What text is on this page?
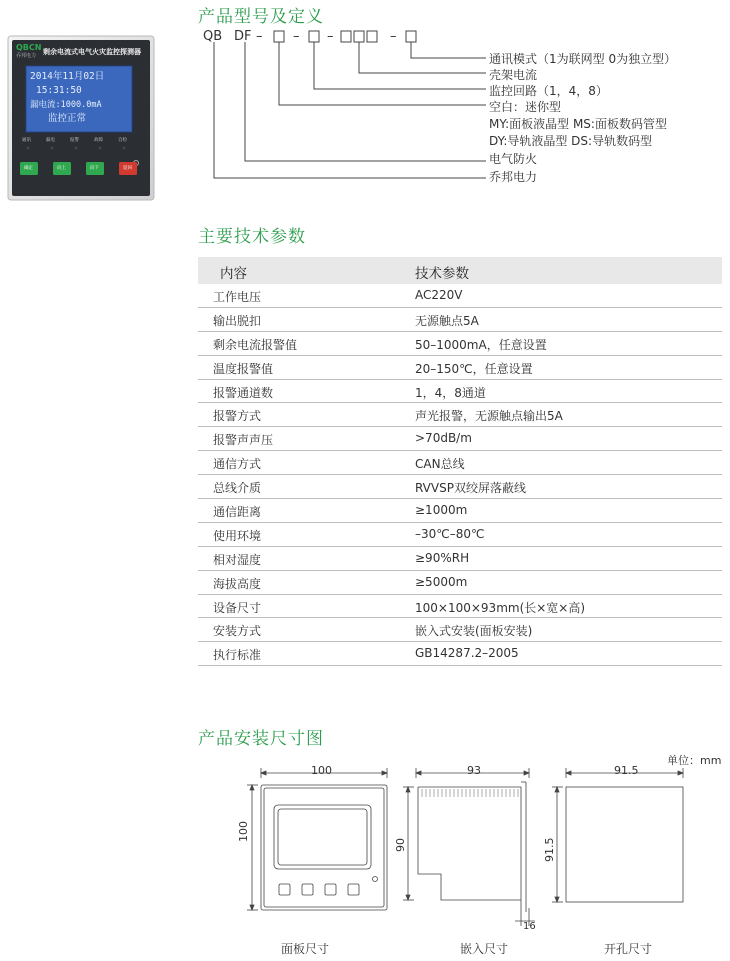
产品型号及定义
QBCN
乔邦电力 剩余电流式电气火灾监控探测器
2014年11月02日
15:31:50
漏电流:1000.0mA
监控正常
通讯	漏电	报警	故障	自检
确定	向上	向下	返回
QB DF – – –	–
通讯模式（1为联网型 0为独立型）
壳架电流
监控回路（1，4，8）
空白：迷你型
MY:面板液晶型 MS:面板数码管型
DY:导轨液晶型 DS:导轨数码型
电气防火
乔邦电力
主要技术参数
内容	技术参数
工作电压	AC220V
输出脱扣	无源触点5A
剩余电流报警值	50–1000mA，任意设置
温度报警值	20–150℃，任意设置
报警通道数	1，4，8通道
报警方式	声光报警，无源触点输出5A
报警声声压	>70dB/m
通信方式	CAN总线
总线介质	RVVSP双绞屏落蔽线
通信距离	≥1000m
使用环境	–30℃–80℃
相对湿度	≥90%RH
海拔高度	≥5000m
设备尺寸	100×100×93mm(长×宽×高)
安装方式	嵌入式安装(面板安装)
执行标准	GB14287.2–2005
产品安装尺寸图
单位：mm
100
100
93
90
16
91.5
91.5
面板尺寸	嵌入尺寸	开孔尺寸
